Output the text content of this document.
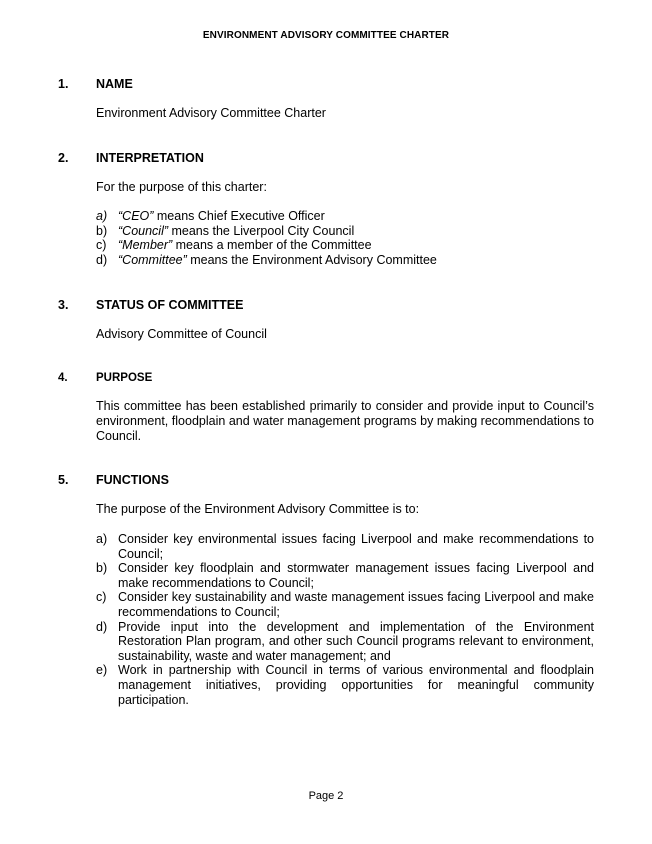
ENVIRONMENT ADVISORY COMMITTEE CHARTER
1. NAME
Environment Advisory Committee Charter
2. INTERPRETATION
For the purpose of this charter:
a) “CEO” means Chief Executive Officer
b) “Council” means the Liverpool City Council
c) “Member” means a member of the Committee
d) “Committee” means the Environment Advisory Committee
3. STATUS OF COMMITTEE
Advisory Committee of Council
4. PURPOSE
This committee has been established primarily to consider and provide input to Council’s environment, floodplain and water management programs by making recommendations to Council.
5. FUNCTIONS
The purpose of the Environment Advisory Committee is to:
a) Consider key environmental issues facing Liverpool and make recommendations to Council;
b) Consider key floodplain and stormwater management issues facing Liverpool and make recommendations to Council;
c) Consider key sustainability and waste management issues facing Liverpool and make recommendations to Council;
d) Provide input into the development and implementation of the Environment Restoration Plan program, and other such Council programs relevant to environment, sustainability, waste and water management; and
e) Work in partnership with Council in terms of various environmental and floodplain management initiatives, providing opportunities for meaningful community participation.
Page 2
